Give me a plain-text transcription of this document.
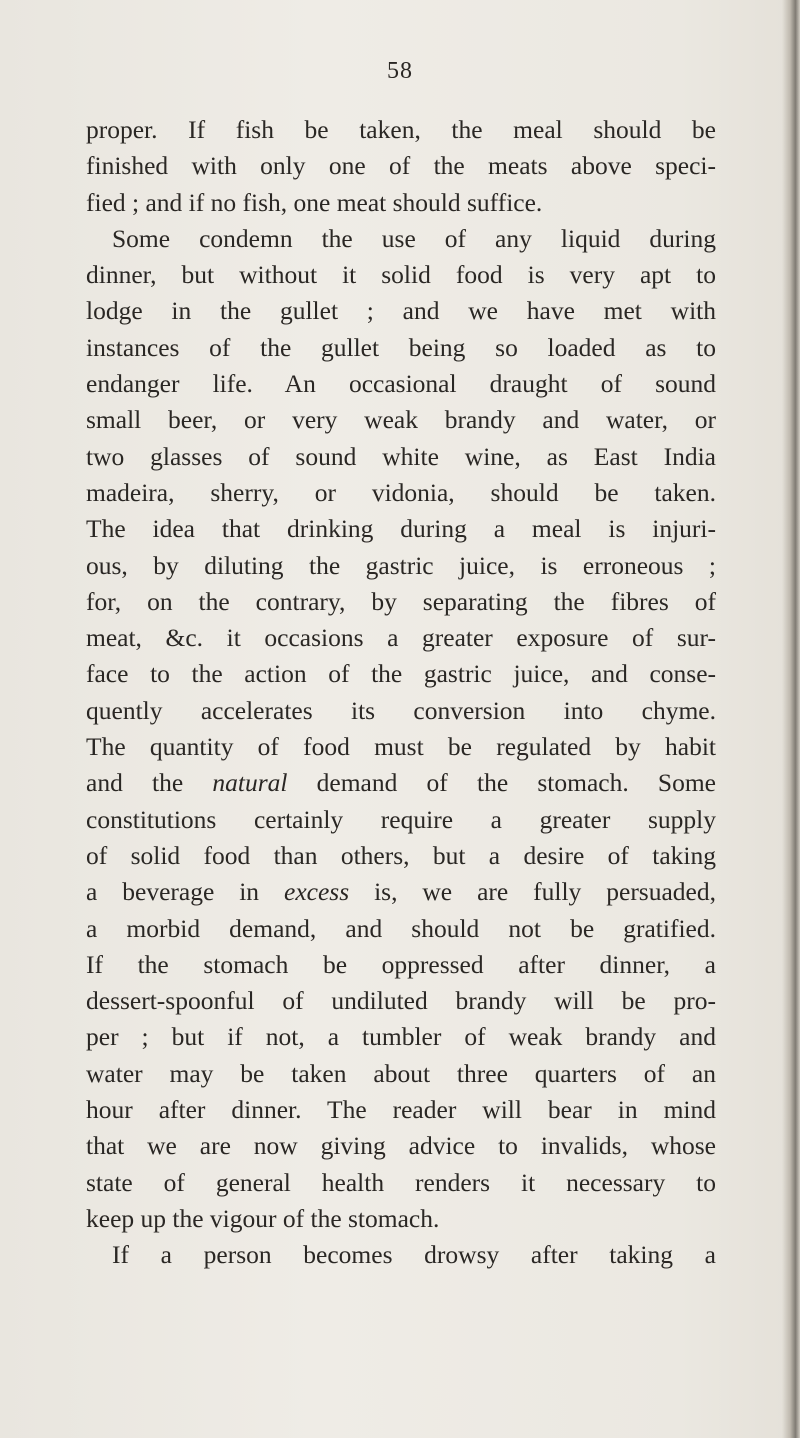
58
proper. If fish be taken, the meal should be
finished with only one of the meats above speci-
fied ; and if no fish, one meat should suffice.
Some condemn the use of any liquid during
dinner, but without it solid food is very apt to
lodge in the gullet ; and we have met with
instances of the gullet being so loaded as to
endanger life. An occasional draught of sound
small beer, or very weak brandy and water, or
two glasses of sound white wine, as East India
madeira, sherry, or vidonia, should be taken.
The idea that drinking during a meal is injuri-
ous, by diluting the gastric juice, is erroneous ;
for, on the contrary, by separating the fibres of
meat, &c. it occasions a greater exposure of sur-
face to the action of the gastric juice, and conse-
quently accelerates its conversion into chyme.
The quantity of food must be regulated by habit
and the natural demand of the stomach. Some
constitutions certainly require a greater supply
of solid food than others, but a desire of taking
a beverage in excess is, we are fully persuaded,
a morbid demand, and should not be gratified.
If the stomach be oppressed after dinner, a
dessert-spoonful of undiluted brandy will be pro-
per ; but if not, a tumbler of weak brandy and
water may be taken about three quarters of an
hour after dinner. The reader will bear in mind
that we are now giving advice to invalids, whose
state of general health renders it necessary to
keep up the vigour of the stomach.
If a person becomes drowsy after taking a
